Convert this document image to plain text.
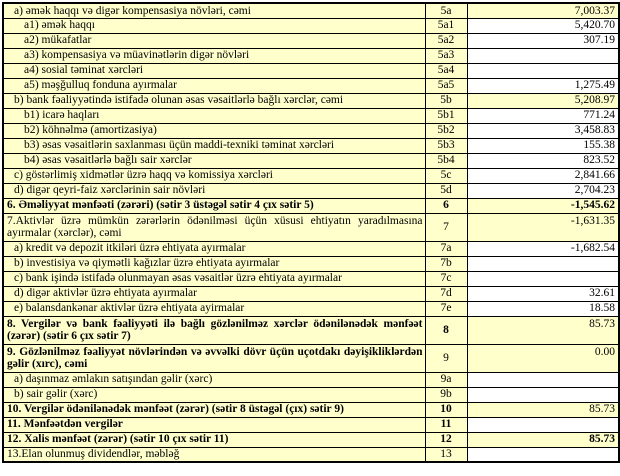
a) əmək haqqı və digər kompensasiya növləri, cəmi	5a	7,003.37
a1) əmək haqqı	5a1	5,420.70
a2) mükafatlar	5a2	307.19
a3) kompensasiya və müavinətlərin digər növləri	5a3	
a4) sosial təminat xərcləri	5a4	
a5) məşğulluq fonduna ayırmalar	5a5	1,275.49
b) bank fəaliyyətində istifadə olunan əsas vəsaitlərlə bağlı xərclər, cəmi	5b	5,208.97
b1) icarə haqları	5b1	771.24
b2) köhnəlmə (amortizasiya)	5b2	3,458.83
b3) əsas vəsaitlərin saxlanması üçün maddi-texniki təminat xərcləri	5b3	155.38
b4) əsas vəsaitlərlə bağlı sair xərclər	5b4	823.52
c) göstərlimiş xidmətlər üzrə haqq və komissiya xərcləri	5c	2,841.66
d) digər qeyri-faiz xərclərinin sair növləri	5d	2,704.23
6. Əməliyyat mənfəəti (zərəri) (sətir 3 üstəgəl sətir 4 çıx sətir 5)	6	-1,545.62
7.Aktivlər üzrə mümkün zərərlərin ödənilməsi üçün xüsusi ehtiyatın yaradılmasına ayırmalar (xərclər), cəmi	7	-1,631.35
a) kredit və depozit itkiləri üzrə ehtiyata ayırmalar	7a	-1,682.54
b) investisiya və qiymətli kağızlar üzrə ehtiyata ayırmalar	7b	
c) bank işində istifadə olunmayan əsas vəsaitlər üzrə ehtiyata ayırmalar	7c	
d) digər aktivlər üzrə ehtiyata ayırmalar	7d	32.61
e) balansdankənar aktivlər üzrə ehtiyata ayirmalar	7e	18.58
8. Vergilər və bank fəaliyyəti ilə bağlı gözlənilməz xərclər ödənilənədək mənfəət (zərər) (sətir 6 çıx sətir 7)	8	85.73
9. Gözlənilməz fəaliyyət növlərindən və əvvəlki dövr üçün uçotdakı dəyişikliklərdən gəlir (xırc), cəmi	9	0.00
a) daşınmaz əmlakın satışından gəlir (xərc)	9a	
b) sair gəlir (xərc)	9b	
10. Vergilər ödənilənədək mənfəət (zərər) (sətir 8 üstəgəl (çıx) sətir 9)	10	85.73
11. Mənfəətdən vergilər	11	
12. Xalis mənfəət (zərər) (sətir 10 çıx sətir 11)	12	85.73
13.Elan olunmuş dividendlər, məbləğ	13	
